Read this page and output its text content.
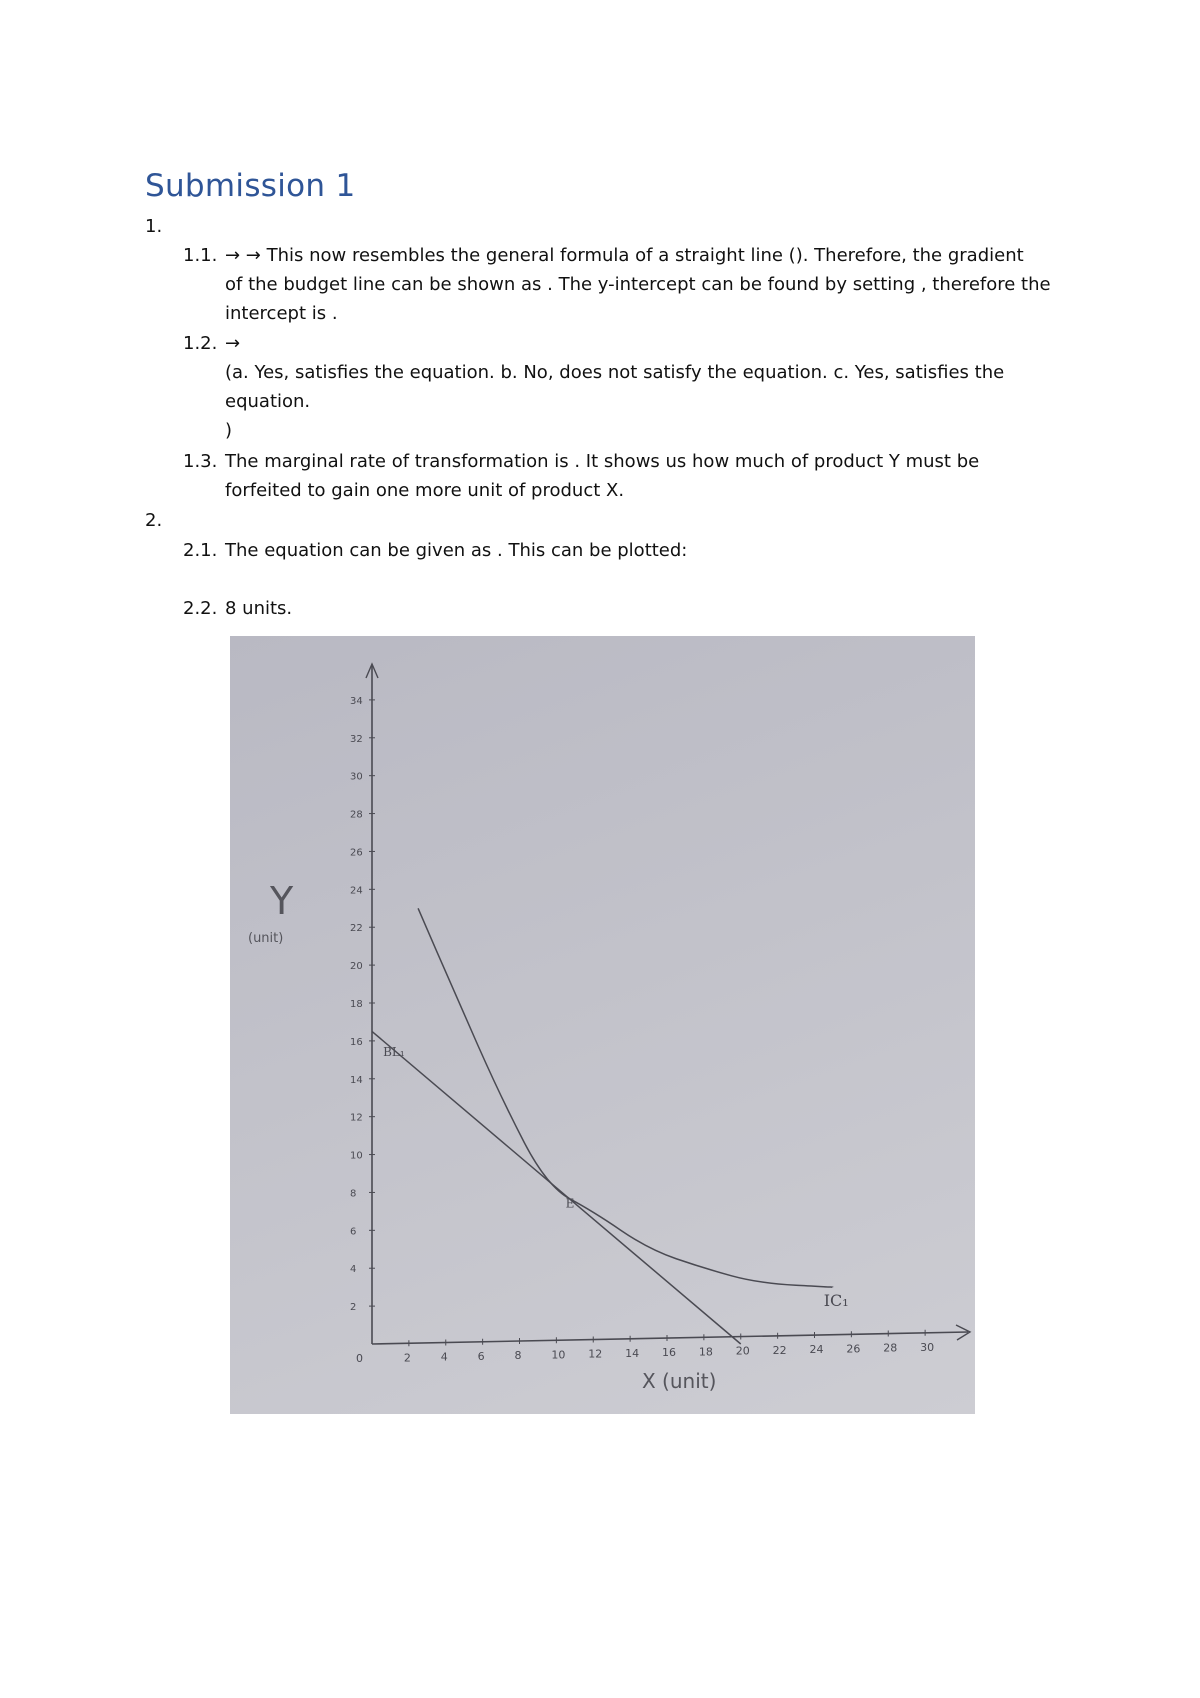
Submission 1
1.
1.1. → → This now resembles the general formula of a straight line (). Therefore, the gradient
of the budget line can be shown as . The y-intercept can be found by setting , therefore the
intercept is .
1.2. →
(a. Yes, satisfies the equation. b. No, does not satisfy the equation. c. Yes, satisfies the
equation.
)
1.3. The marginal rate of transformation is . It shows us how much of product Y must be
forfeited to gain one more unit of product X.
2.
2.1. The equation can be given as . This can be plotted:
2.2. 8 units.
Y
(unit)
X (unit)
0	2	4	6	8	10 12 14 16 18 20 22 24 26 28 30
2
4
6
8
10
12
14
16
18
20
22
24
26
28
30
32
34
E
BL₁
IC₁
